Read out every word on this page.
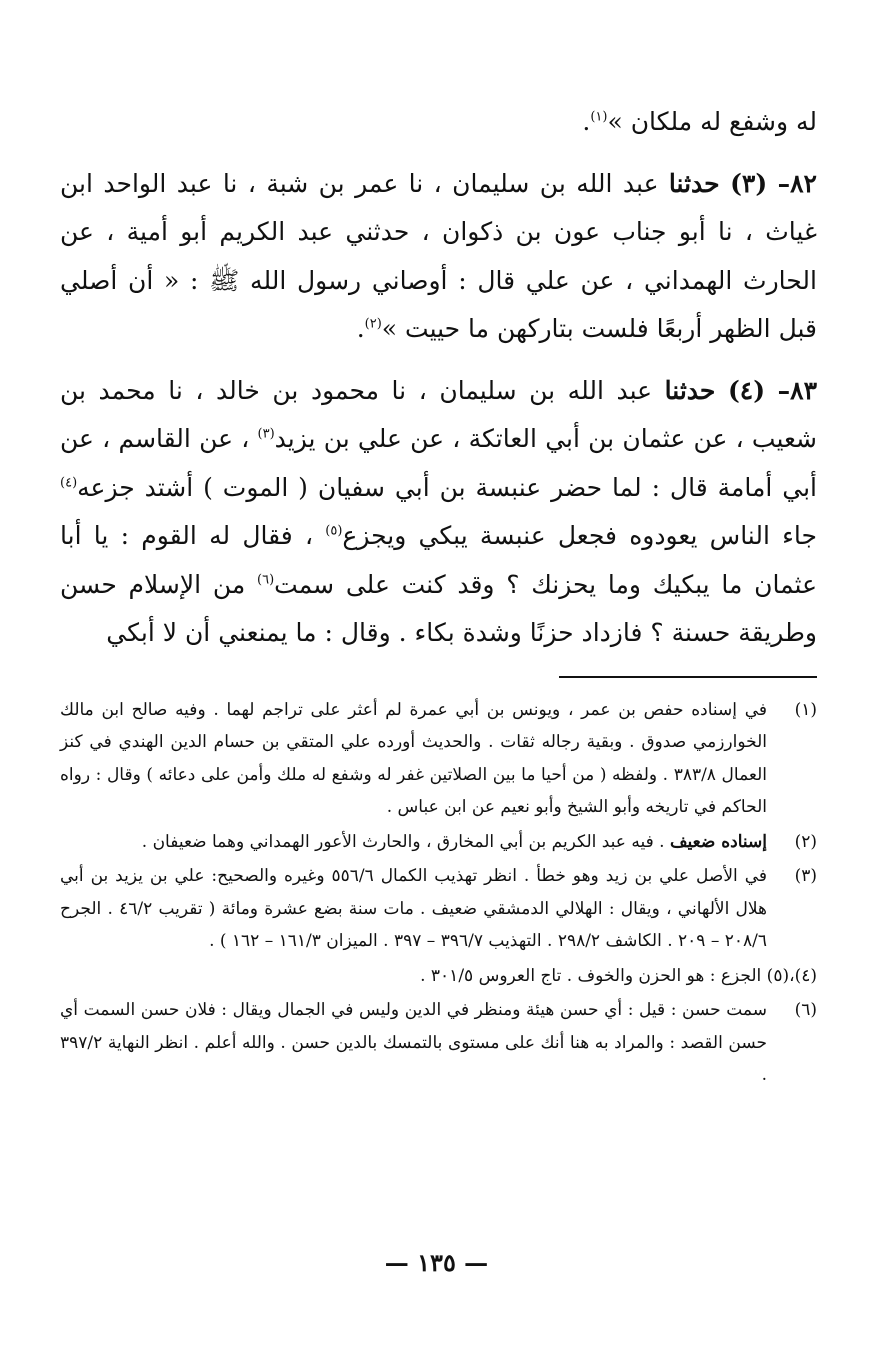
له وشفع له ملكان »$^{(١)}$.

٨٢– (٣) حدثنا عبد الله بن سليمان ، نا عمر بن شبة ، نا عبد الواحد ابن غياث ، نا أبو جناب عون بن ذكوان ، حدثني عبد الكريم أبو أمية ، عن الحارث الهمداني ، عن علي قال : أوصاني رسول الله ﷺ : « أن أصلي قبل الظهر أربعًا فلست بتاركهن ما حييت »$^{(٢)}$.

٨٣– (٤) حدثنا عبد الله بن سليمان ، نا محمود بن خالد ، نا محمد بن شعيب ، عن عثمان بن أبي العاتكة ، عن علي بن يزيد$^{(٣)}$ ، عن القاسم ، عن أبي أمامة قال : لما حضر عنبسة بن أبي سفيان ( الموت ) أشتد جزعه$^{(٤)}$ جاء الناس يعودوه فجعل عنبسة يبكي ويجزع$^{(٥)}$ ، فقال له القوم : يا أبا عثمان ما يبكيك وما يحزنك ؟ وقد كنت على سمت$^{(٦)}$ من الإسلام حسن وطريقة حسنة ؟ فازداد حزنًا وشدة بكاء . وقال : ما يمنعني أن لا أبكي

(١)
في إسناده حفص بن عمر ، ويونس بن أبي عمرة لم أعثر على تراجم لهما . وفيه صالح ابن مالك الخوارزمي صدوق . وبقية رجاله ثقات . والحديث أورده علي المتقي بن حسام الدين الهندي في كنز العمال ٣٨٣/٨ . ولفظه ( من أحيا ما بين الصلاتين غفر له وشفع له ملك وأمن على دعائه ) وقال : رواه الحاكم في تاريخه وأبو الشيخ وأبو نعيم عن ابن عباس .
(٢)
إسناده ضعيف . فيه عبد الكريم بن أبي المخارق ، والحارث الأعور الهمداني وهما ضعيفان .
(٣)
في الأصل علي بن زيد وهو خطأ . انظر تهذيب الكمال ٥٥٦/٦ وغيره والصحيح: علي بن يزيد بن أبي هلال الألهاني ، ويقال : الهلالي الدمشقي ضعيف . مات سنة بضع عشرة ومائة ( تقريب ٤٦/٢ . الجرح ٢٠٨/٦ – ٢٠٩ . الكاشف ٢٩٨/٢ . التهذيب ٣٩٦/٧ – ٣٩٧ . الميزان ١٦١/٣ – ١٦٢ ) .
(٤)،(٥) الجزع : هو الحزن والخوف . تاج العروس ٣٠١/٥ .
(٦)
سمت حسن : قيل : أي حسن هيئة ومنظر في الدين وليس في الجمال ويقال : فلان حسن السمت أي حسن القصد : والمراد به هنا أنك على مستوى بالتمسك بالدين حسن . والله أعلم . انظر النهاية ٣٩٧/٢ .
— ١٣٥ —
